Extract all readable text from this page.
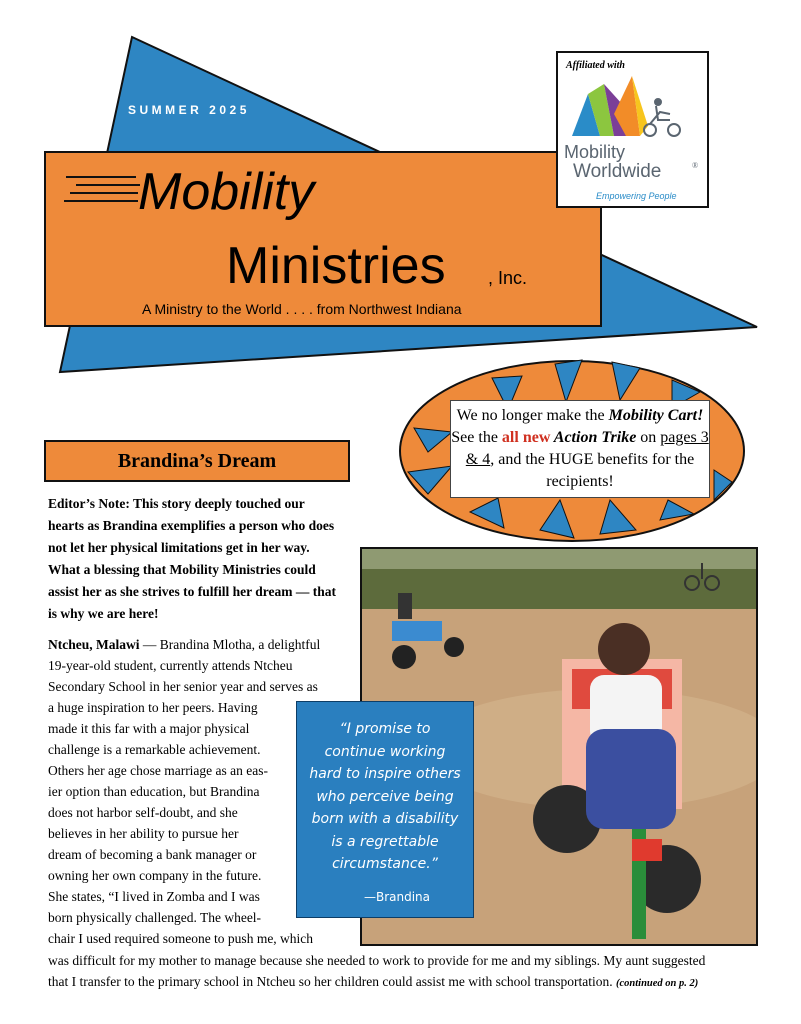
SUMMER 2025
Mobility
Ministries , Inc.
A Ministry to the World . . . . from Northwest Indiana
Affiliated with
Mobility
Worldwide	®
Empowering People
We no longer make the Mobility Cart! See the all new Action Trike on pages 3 & 4, and the HUGE benefits for the recipients!
Brandina’s Dream
Editor’s Note: This story deeply touched our hearts as Brandina exemplifies a person who does not let her physical limitations get in her way. What a blessing that Mobility Ministries could assist her as she strives to fulfill her dream — that is why we are here!
Ntcheu, Malawi — Brandina Mlotha, a delightful
19-year-old student, currently attends Ntcheu
Secondary School in her senior year and serves as
a huge inspiration to her peers. Having
made it this far with a major physical
challenge is a remarkable achievement.
Others her age chose marriage as an eas-
ier option than education, but Brandina
does not harbor self-doubt, and she
believes in her ability to pursue her
dream of becoming a bank manager or
owning her own company in the future.
She states, “I lived in Zomba and I was
born physically challenged. The wheel-
chair I used required someone to push me, which
was difficult for my mother to manage because she needed to work to provide for me and my siblings. My aunt suggested
that I transfer to the primary school in Ntcheu so her children could assist me with school transportation. (continued on p. 2)
“I promise to
continue working
hard to inspire others
who perceive being
born with a disability
is a regrettable
circumstance.”
—Brandina
